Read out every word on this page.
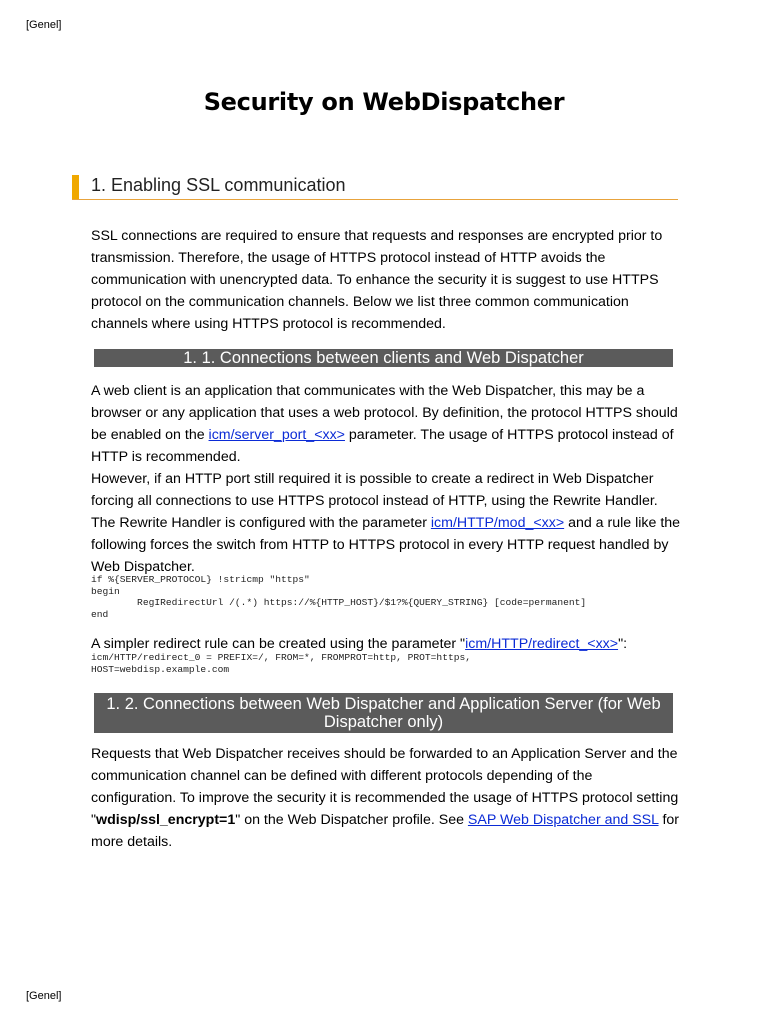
[Genel]
Security on WebDispatcher
1. Enabling SSL communication

SSL connections are required to ensure that requests and responses are encrypted prior to transmission. Therefore, the usage of HTTPS protocol instead of HTTP avoids the communication with unencrypted data. To enhance the security it is suggest to use HTTPS protocol on the communication channels. Below we list three common communication channels where using HTTPS protocol is recommended.

1. 1. Connections between clients and Web Dispatcher

A web client is an application that communicates with the Web Dispatcher, this may be a browser or any application that uses a web protocol. By definition, the protocol HTTPS should be enabled on the icm/server_port_<xx> parameter. The usage of HTTPS protocol instead of HTTP is recommended.

However, if an HTTP port still required it is possible to create a redirect in Web Dispatcher forcing all connections to use HTTPS protocol instead of HTTP, using the Rewrite Handler. The Rewrite Handler is configured with the parameter icm/HTTP/mod_<xx> and a rule like the following forces the switch from HTTP to HTTPS protocol in every HTTP request handled by Web Dispatcher.

if %{SERVER_PROTOCOL} !stricmp "https"
begin
RegIRedirectUrl /(.*) https://%{HTTP_HOST}/$1?%{QUERY_STRING} [code=permanent]
end

A simpler redirect rule can be created using the parameter "icm/HTTP/redirect_<xx>":

icm/HTTP/redirect_0 = PREFIX=/, FROM=*, FROMPROT=http, PROT=https,
HOST=webdisp.example.com
1. 2. Connections between Web Dispatcher and Application Server (for Web Dispatcher only)

Requests that Web Dispatcher receives should be forwarded to an Application Server and the communication channel can be defined with different protocols depending of the configuration. To improve the security it is recommended the usage of HTTPS protocol setting "wdisp/ssl_encrypt=1" on the Web Dispatcher profile. See SAP Web Dispatcher and SSL for more details.

[Genel]
